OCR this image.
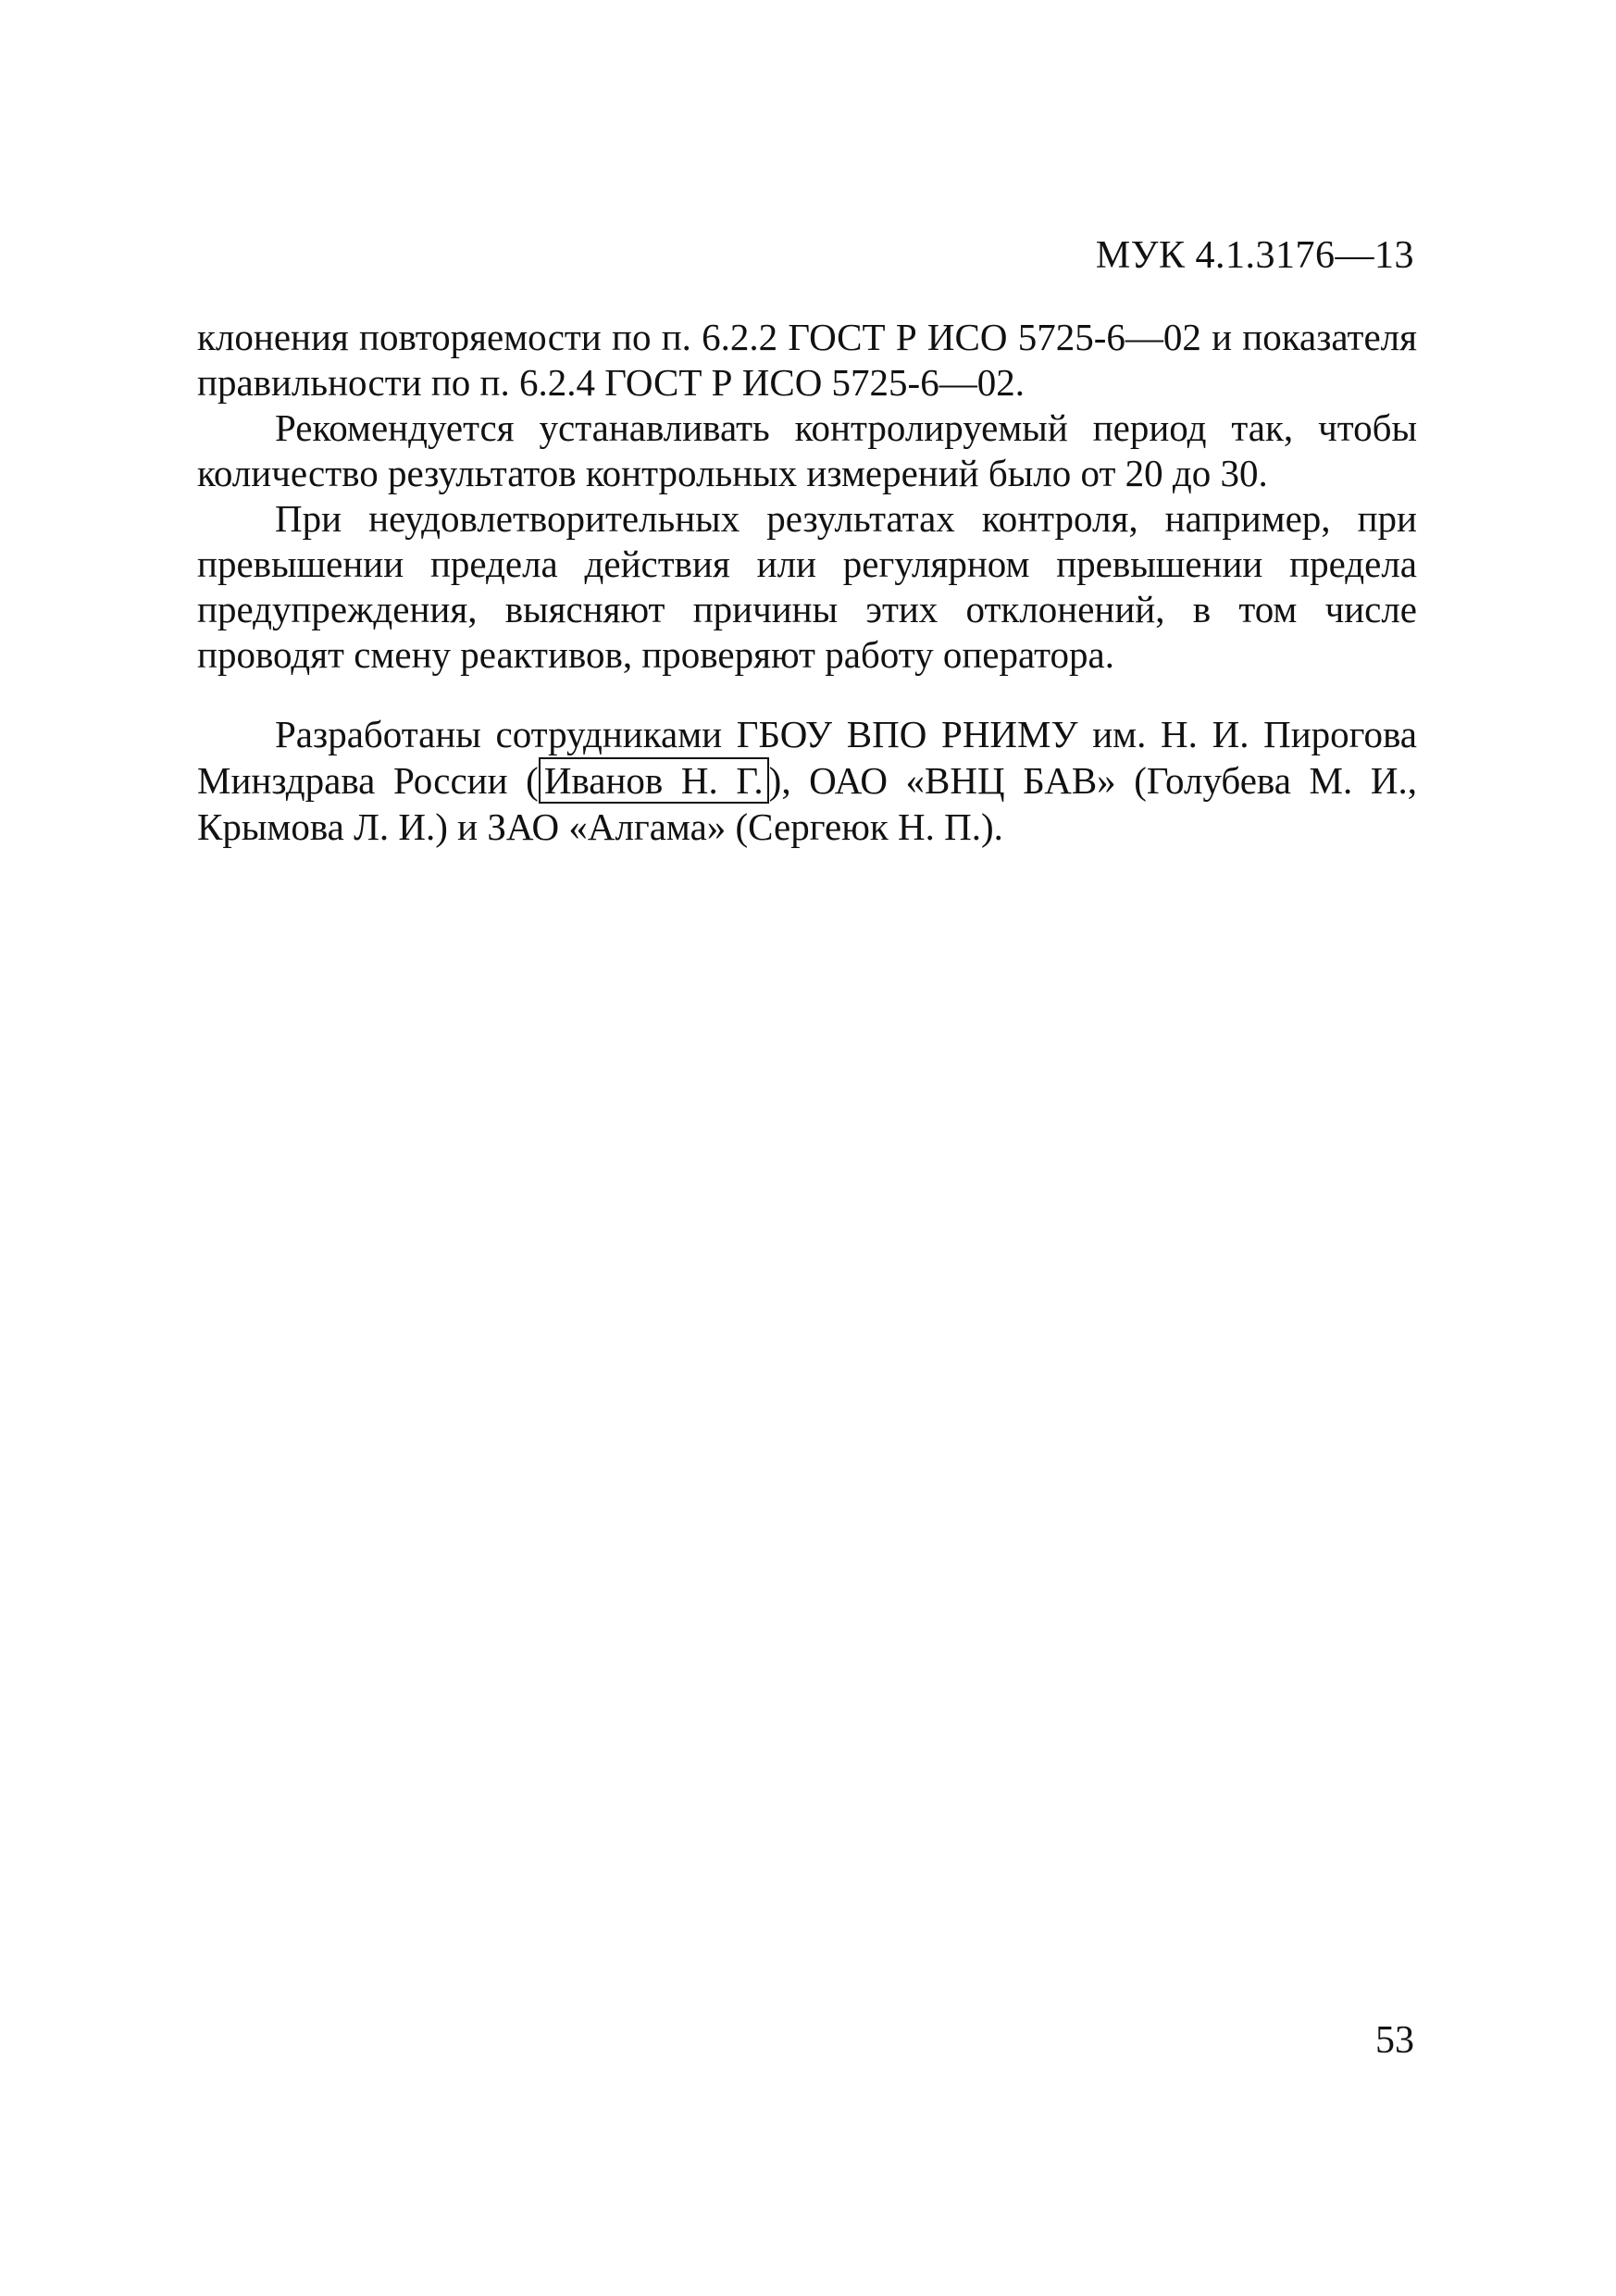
МУК 4.1.3176—13

клонения повторяемости по п. 6.2.2 ГОСТ Р ИСО 5725-6—02 и показателя правильности по п. 6.2.4 ГОСТ Р ИСО 5725-6—02.

Рекомендуется устанавливать контролируемый период так, чтобы количество результатов контрольных измерений было от 20 до 30.

При неудовлетворительных результатах контроля, например, при превышении предела действия или регулярном превышении предела предупреждения, выясняют причины этих отклонений, в том числе проводят смену реактивов, проверяют работу оператора.

Разработаны сотрудниками ГБОУ ВПО РНИМУ им. Н. И. Пирогова Минздрава России ( Иванов Н. Г. ), ОАО «ВНЦ БАВ» (Голубева М. И., Крымова Л. И.) и ЗАО «Алгама» (Сергеюк Н. П.).

53
